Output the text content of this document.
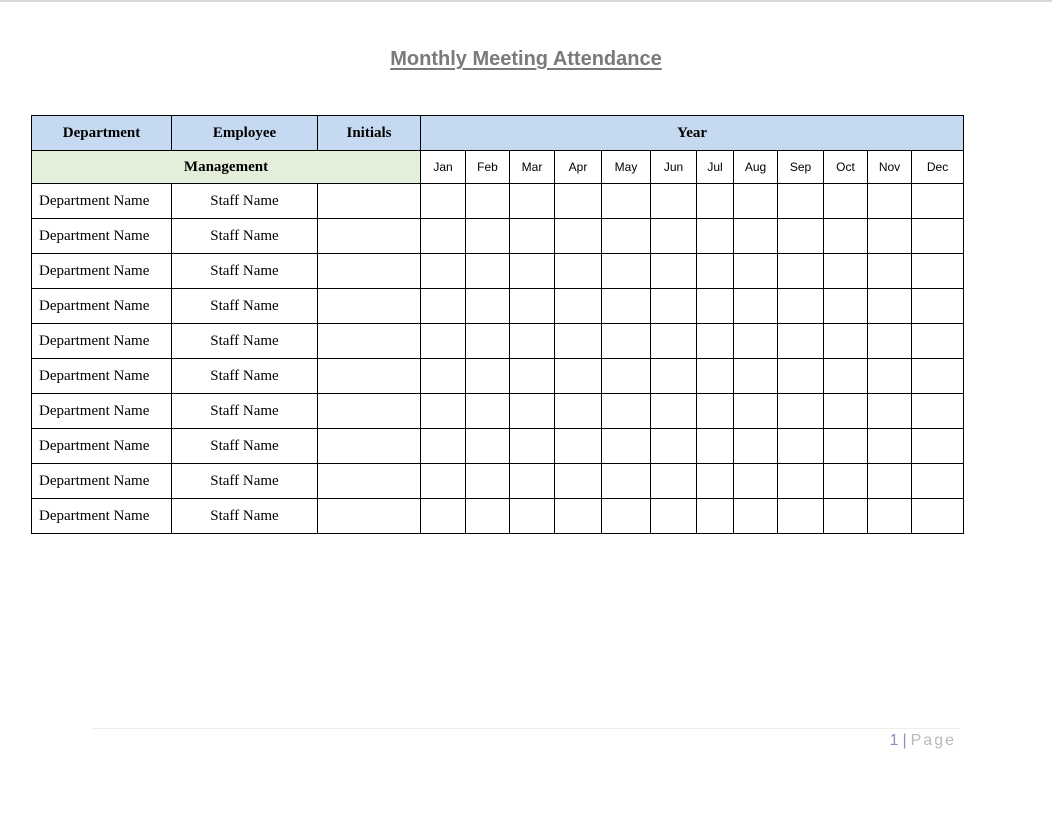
Monthly Meeting Attendance
Department	Employee	Initials	Year											
Management			Jan	Feb	Mar	Apr	May	Jun	Jul	Aug	Sep	Oct	Nov	Dec
Department Name	Staff Name													
Department Name	Staff Name													
Department Name	Staff Name													
Department Name	Staff Name													
Department Name	Staff Name													
Department Name	Staff Name													
Department Name	Staff Name													
Department Name	Staff Name													
Department Name	Staff Name													
Department Name	Staff Name													
1 | Page
